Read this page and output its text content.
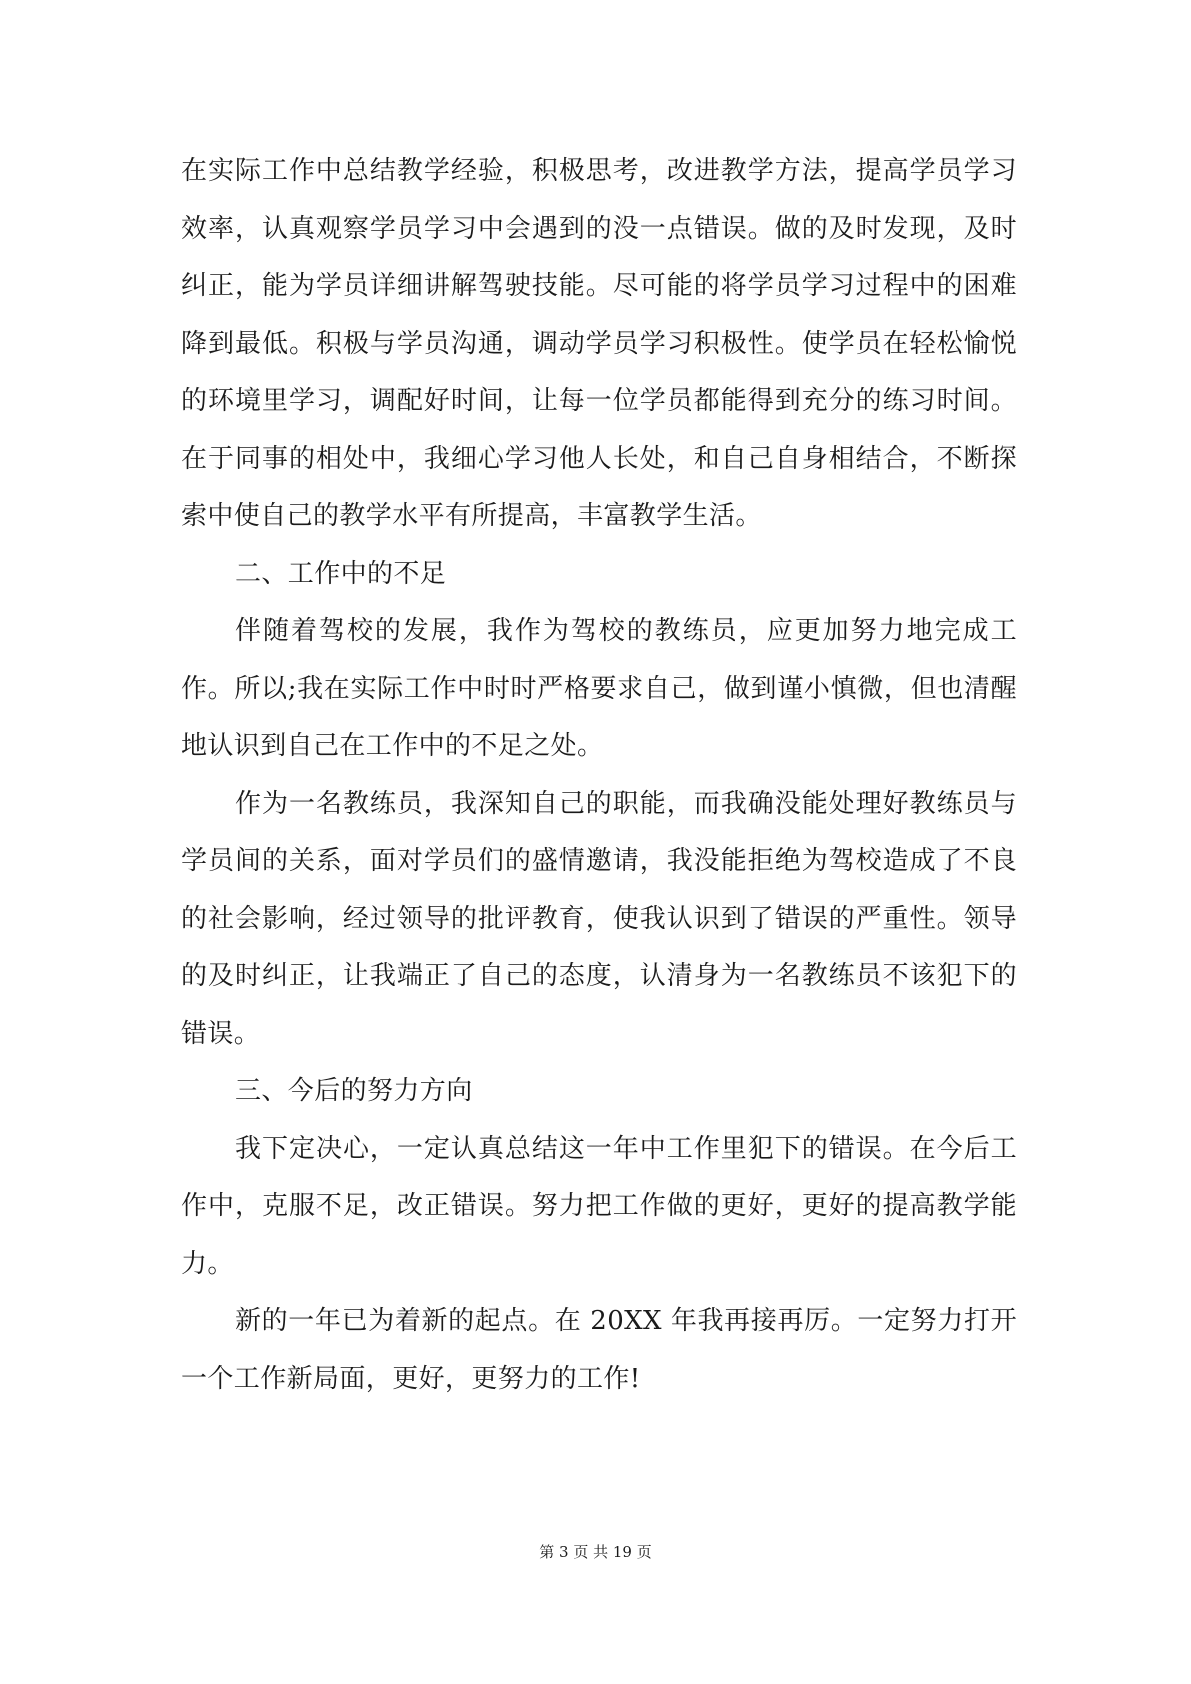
在实际工作中总结教学经验，积极思考，改进教学方法，提高学员学习效率，认真观察学员学习中会遇到的没一点错误。做的及时发现，及时纠正，能为学员详细讲解驾驶技能。尽可能的将学员学习过程中的困难降到最低。积极与学员沟通，调动学员学习积极性。使学员在轻松愉悦的环境里学习，调配好时间，让每一位学员都能得到充分的练习时间。在于同事的相处中，我细心学习他人长处，和自己自身相结合，不断探索中使自己的教学水平有所提高，丰富教学生活。

二、工作中的不足

伴随着驾校的发展，我作为驾校的教练员，应更加努力地完成工作。所以;我在实际工作中时时严格要求自己，做到谨小慎微，但也清醒地认识到自己在工作中的不足之处。

作为一名教练员，我深知自己的职能，而我确没能处理好教练员与学员间的关系，面对学员们的盛情邀请，我没能拒绝为驾校造成了不良的社会影响，经过领导的批评教育，使我认识到了错误的严重性。领导的及时纠正，让我端正了自己的态度，认清身为一名教练员不该犯下的错误。

三、今后的努力方向

我下定决心，一定认真总结这一年中工作里犯下的错误。在今后工作中，克服不足，改正错误。努力把工作做的更好，更好的提高教学能力。

新的一年已为着新的起点。在 20XX 年我再接再厉。一定努力打开一个工作新局面，更好，更努力的工作!

第 3 页 共 19 页
